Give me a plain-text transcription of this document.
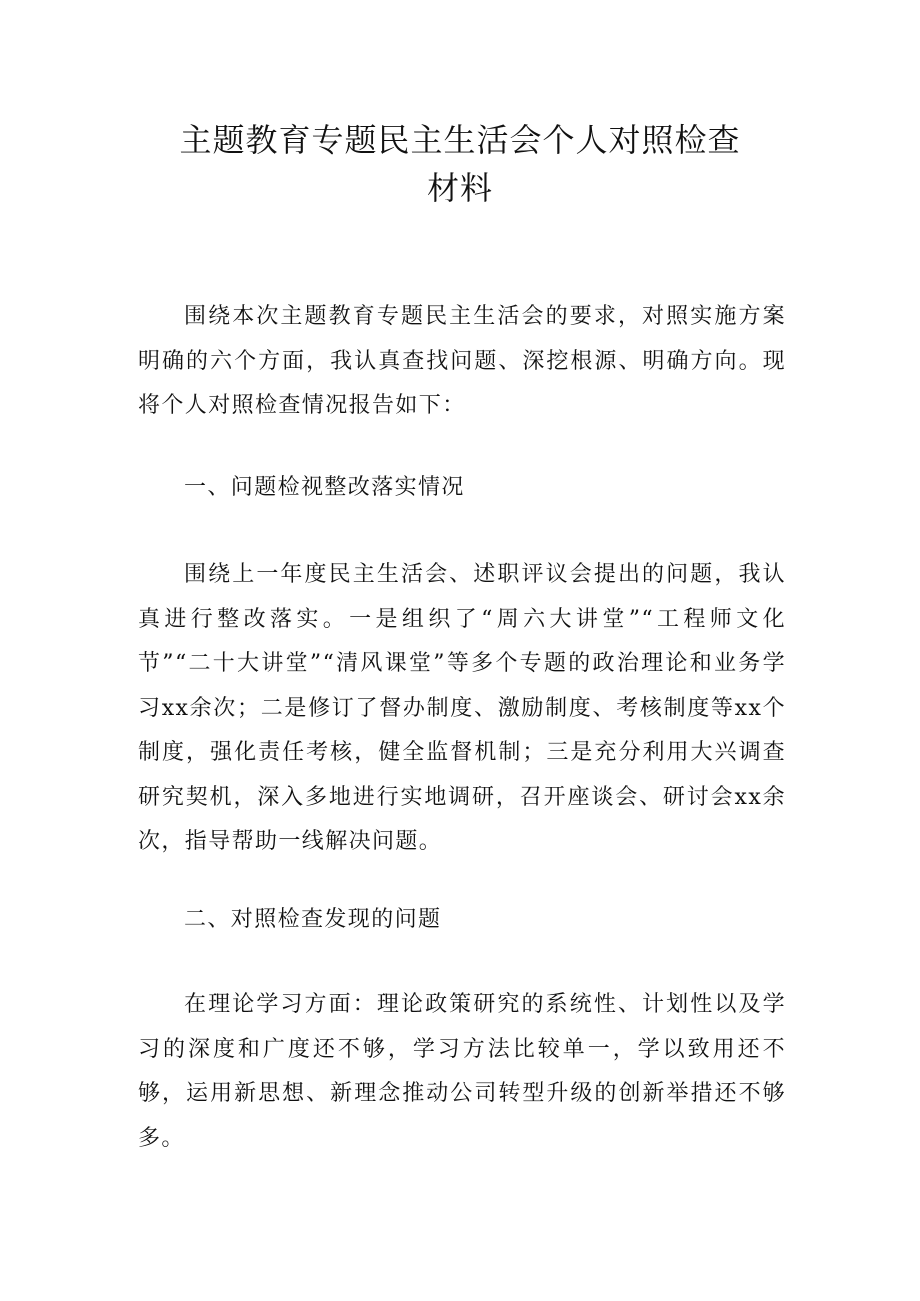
主题教育专题民主生活会个人对照检查材料

围绕本次主题教育专题民主生活会的要求，对照实施方案明确的六个方面，我认真查找问题、深挖根源、明确方向。现将个人对照检查情况报告如下：

一、问题检视整改落实情况

围绕上一年度民主生活会、述职评议会提出的问题，我认真进行整改落实。一是组织了“周六大讲堂”“工程师文化节”“二十大讲堂”“清风课堂”等多个专题的政治理论和业务学习xx余次；二是修订了督办制度、激励制度、考核制度等xx个制度，强化责任考核，健全监督机制；三是充分利用大兴调查研究契机，深入多地进行实地调研，召开座谈会、研讨会xx余次，指导帮助一线解决问题。

二、对照检查发现的问题

在理论学习方面：理论政策研究的系统性、计划性以及学习的深度和广度还不够，学习方法比较单一，学以致用还不够，运用新思想、新理念推动公司转型升级的创新举措还不够多。
